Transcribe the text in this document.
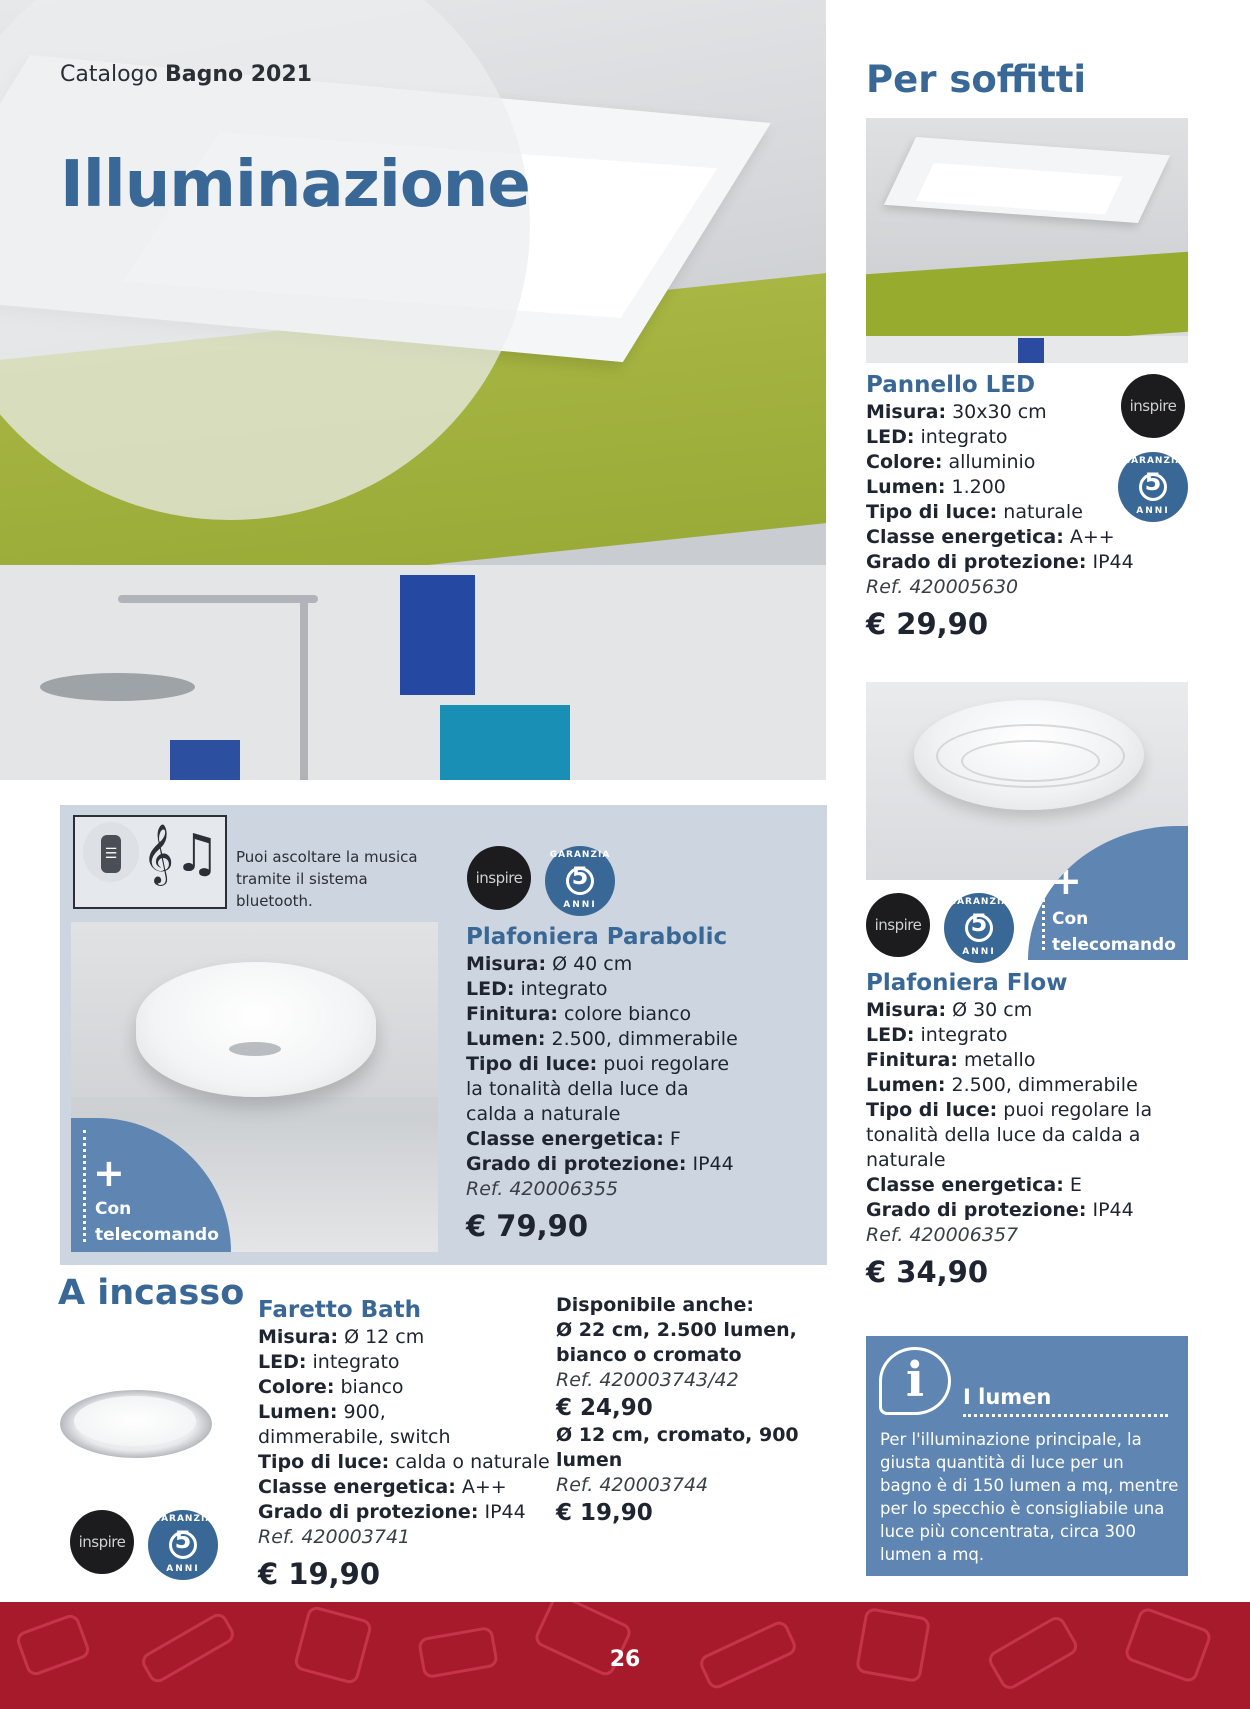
Catalogo Bagno 2021
Illuminazione
Per soffitti
Pannello LED
Misura: 30x30 cm
LED: integrato
Colore: alluminio
Lumen: 1.200
Tipo di luce: naturale
Classe energetica: A++
Grado di protezione: IP44
Ref. 420005630
€ 29,90
inspire
GARANZIA
5
ANNI
+
Con
telecomando
inspire
GARANZIA
5
ANNI
Plafoniera Flow
Misura: Ø 30 cm
LED: integrato
Finitura: metallo
Lumen: 2.500, dimmerabile
Tipo di luce: puoi regolare la tonalità della luce da calda a naturale
Classe energetica: E
Grado di protezione: IP44
Ref. 420006357
€ 34,90
☰ 𝄞♫ Puoi ascoltare la musica tramite il sistema bluetooth.
inspire
GARANZIA
5
ANNI
+
Con
telecomando
Plafoniera Parabolic
Misura: Ø 40 cm
LED: integrato
Finitura: colore bianco
Lumen: 2.500, dimmerabile
Tipo di luce: puoi regolare la tonalità della luce da calda a naturale
Classe energetica: F
Grado di protezione: IP44
Ref. 420006355
€ 79,90
A incasso
inspire
GARANZIA
5
ANNI
Faretto Bath
Misura: Ø 12 cm
LED: integrato
Colore: bianco
Lumen: 900, dimmerabile, switch
Tipo di luce: calda o naturale
Classe energetica: A++
Grado di protezione: IP44
Ref. 420003741
€ 19,90
Disponibile anche:
Ø 22 cm, 2.500 lumen, bianco o cromato
Ref. 420003743/42
€ 24,90
Ø 12 cm, cromato, 900 lumen
Ref. 420003744
€ 19,90
i	I lumen
Per l'illuminazione principale, la giusta quantità di luce per un bagno è di 150 lumen a mq, mentre per lo specchio è consigliabile una luce più concentrata, circa 300 lumen a mq.
26
